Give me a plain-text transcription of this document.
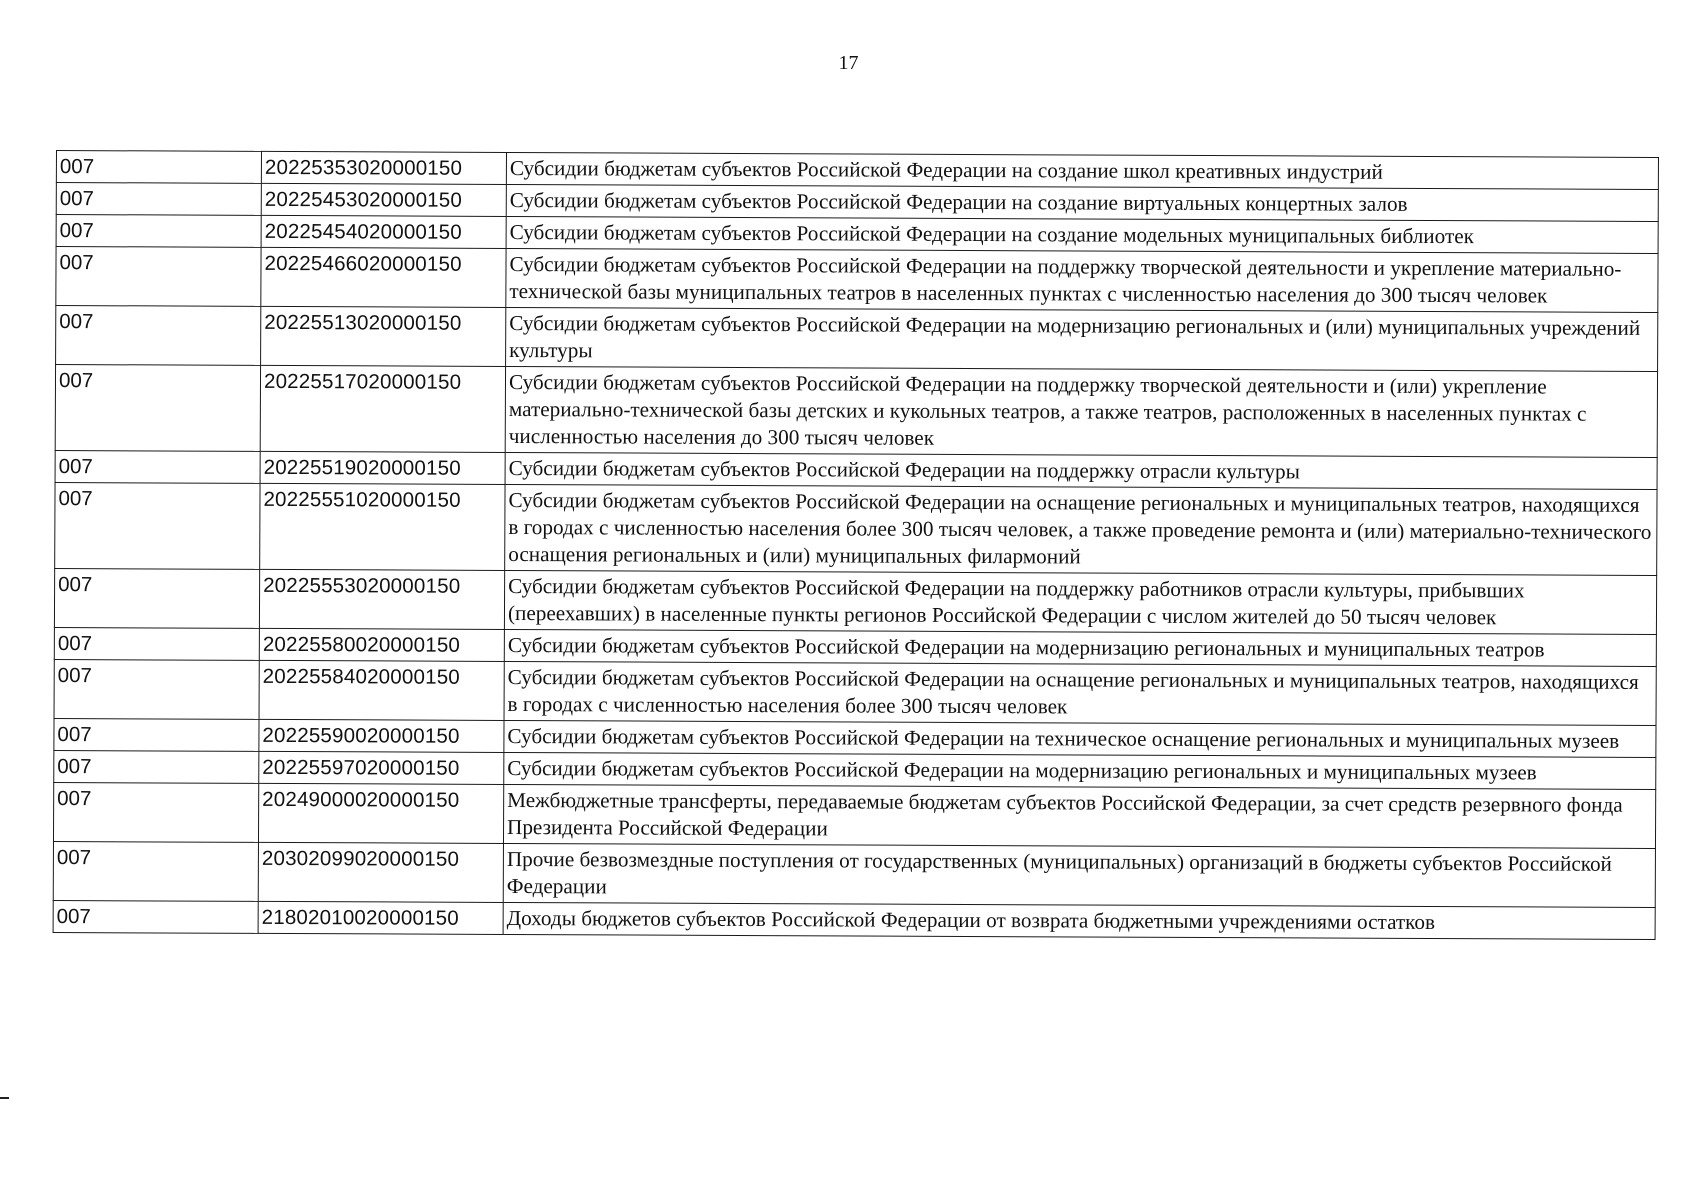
17
007	20225353020000150	Субсидии бюджетам субъектов Российской Федерации на создание школ креативных индустрий
007	20225453020000150	Субсидии бюджетам субъектов Российской Федерации на создание виртуальных концертных залов
007	20225454020000150	Субсидии бюджетам субъектов Российской Федерации на создание модельных муниципальных библиотек
007	20225466020000150	Субсидии бюджетам субъектов Российской Федерации на поддержку творческой деятельности и укрепление материально-технической базы муниципальных театров в населенных пунктах с численностью населения до 300 тысяч человек
007	20225513020000150	Субсидии бюджетам субъектов Российской Федерации на модернизацию региональных и (или) муниципальных учреждений культуры
007	20225517020000150	Субсидии бюджетам субъектов Российской Федерации на поддержку творческой деятельности и (или) укрепление материально-технической базы детских и кукольных театров, а также театров, расположенных в населенных пунктах с численностью населения до 300 тысяч человек
007	20225519020000150	Субсидии бюджетам субъектов Российской Федерации на поддержку отрасли культуры
007	20225551020000150	Субсидии бюджетам субъектов Российской Федерации на оснащение региональных и муниципальных театров, находящихся в городах с численностью населения более 300 тысяч человек, а также проведение ремонта и (или) материально-технического оснащения региональных и (или) муниципальных филармоний
007	20225553020000150	Субсидии бюджетам субъектов Российской Федерации на поддержку работников отрасли культуры, прибывших (переехавших) в населенные пункты регионов Российской Федерации с числом жителей до 50 тысяч человек
007	20225580020000150	Субсидии бюджетам субъектов Российской Федерации на модернизацию региональных и муниципальных театров
007	20225584020000150	Субсидии бюджетам субъектов Российской Федерации на оснащение региональных и муниципальных театров, находящихся в городах с численностью населения более 300 тысяч человек
007	20225590020000150	Субсидии бюджетам субъектов Российской Федерации на техническое оснащение региональных и муниципальных музеев
007	20225597020000150	Субсидии бюджетам субъектов Российской Федерации на модернизацию региональных и муниципальных музеев
007	20249000020000150	Межбюджетные трансферты, передаваемые бюджетам субъектов Российской Федерации, за счет средств резервного фонда Президента Российской Федерации
007	20302099020000150	Прочие безвозмездные поступления от государственных (муниципальных) организаций в бюджеты субъектов Российской Федерации
007	21802010020000150	Доходы бюджетов субъектов Российской Федерации от возврата бюджетными учреждениями остатков
